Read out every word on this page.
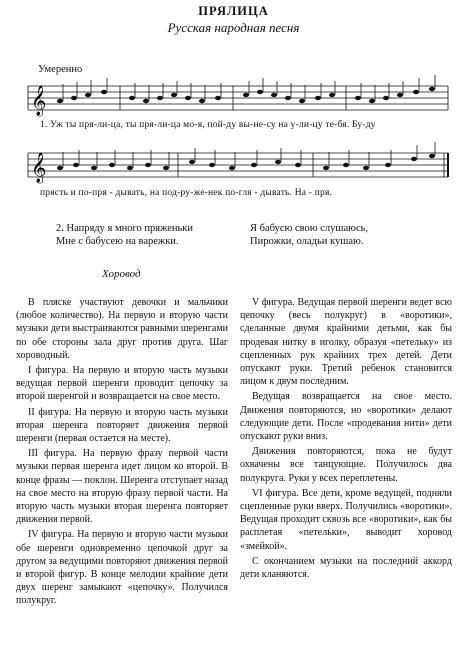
ПРЯЛИЦА
Русская народная песня
Умеренно
𝄞
1. Уж ты пря-ли-ца, ты пря-ли-ца мо-я, пой-ду вы-не-су на у-ли-цу те-бя. Бу-ду
𝄞
прясть и по-пря - дывать, на под-ру-же-нек по-гля - дывать. На - пря.
2. Напряду я много пряженьки
Мне с бабусею на варежки.
Я бабусю свою слушаюсь,
Пирожки, оладьи кушаю.
Хоровод

В пляске участвуют девочки и мальчики (любое количество). На первую и вторую части музыки дети выстраиваются равными шеренгами по обе стороны зала друг против друга. Шаг хороводный.

I фигура. На первую и вторую часть музыки ведущая первой шеренги проводит цепочку за второй шеренгой и возвращается на свое место.

II фигура. На первую и вторую часть музыки вторая шеренга повторяет движения первой шеренги (первая остается на месте).

III фигура. На первую фразу первой части музыки первая шеренга идет лицом ко второй. В конце фразы — поклон. Шеренга отступает назад на свое место на вторую фразу первой части. На вторую часть музыки вторая шеренга повторяет движения первой.

IV фигура. На первую и вторую части музыки обе шеренги одновременно цепочкой друг за другом за ведущими повторяют движения первой и второй фигур. В конце мелодии крайние дети двух шеренг замыкают «цепочку». Получился полукруг.

V фигура. Ведущая первой шеренги ведет всю цепочку (весь полукруг) в «воротики», сделанные двумя крайними детьми, как бы продевая нитку в иголку, образуя «петельку» из сцепленных рук крайних трех детей. Дети опускают руки. Третий ребенок становится лицом к двум последним.

Ведущая возвращается на свое место. Движения повторяются, но «воротики» делают следующие дети. После «продевания нити» дети опускают руки вниз.

Движения повторяются, пока не будут охвачены все танцующие. Получилось два полукруга. Руки у всех переплетены.

VI фигура. Все дети, кроме ведущей, подняли сцепленные руки вверх. Получились «воротики». Ведущая проходит сквозь все «воротики», как бы расплетая «петельки», выводит хоровод «змейкой».

С окончанием музыки на последний аккорд дети кланяются.
